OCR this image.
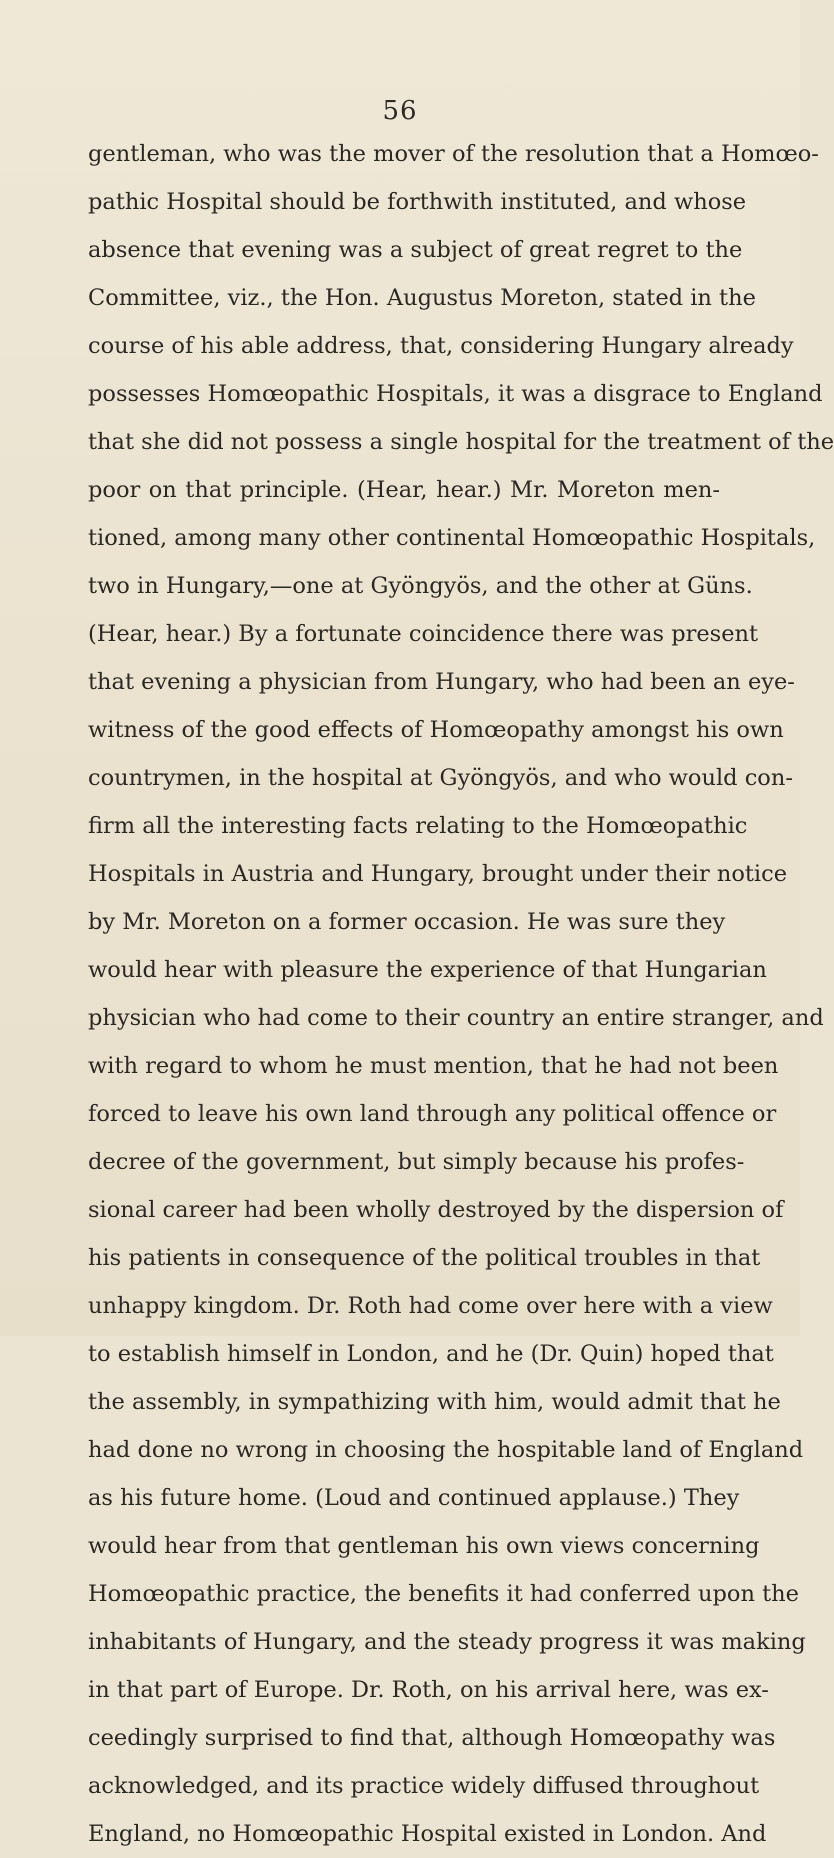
56
gentleman, who was the mover of the resolution that a Homœo-
pathic Hospital should be forthwith instituted, and whose
absence that evening was a subject of great regret to the
Committee, viz., the Hon. Augustus Moreton, stated in the
course of his able address, that, considering Hungary already
possesses Homœopathic Hospitals, it was a disgrace to England
that she did not possess a single hospital for the treatment of the
poor on that principle. (Hear, hear.) Mr. Moreton men-
tioned, among many other continental Homœopathic Hospitals,
two in Hungary,—one at Gyöngyös, and the other at Güns.
(Hear, hear.) By a fortunate coincidence there was present
that evening a physician from Hungary, who had been an eye-
witness of the good effects of Homœopathy amongst his own
countrymen, in the hospital at Gyöngyös, and who would con-
firm all the interesting facts relating to the Homœopathic
Hospitals in Austria and Hungary, brought under their notice
by Mr. Moreton on a former occasion. He was sure they
would hear with pleasure the experience of that Hungarian
physician who had come to their country an entire stranger, and
with regard to whom he must mention, that he had not been
forced to leave his own land through any political offence or
decree of the government, but simply because his profes-
sional career had been wholly destroyed by the dispersion of
his patients in consequence of the political troubles in that
unhappy kingdom. Dr. Roth had come over here with a view
to establish himself in London, and he (Dr. Quin) hoped that
the assembly, in sympathizing with him, would admit that he
had done no wrong in choosing the hospitable land of England
as his future home. (Loud and continued applause.) They
would hear from that gentleman his own views concerning
Homœopathic practice, the benefits it had conferred upon the
inhabitants of Hungary, and the steady progress it was making
in that part of Europe. Dr. Roth, on his arrival here, was ex-
ceedingly surprised to find that, although Homœopathy was
acknowledged, and its practice widely diffused throughout
England, no Homœopathic Hospital existed in London. And
